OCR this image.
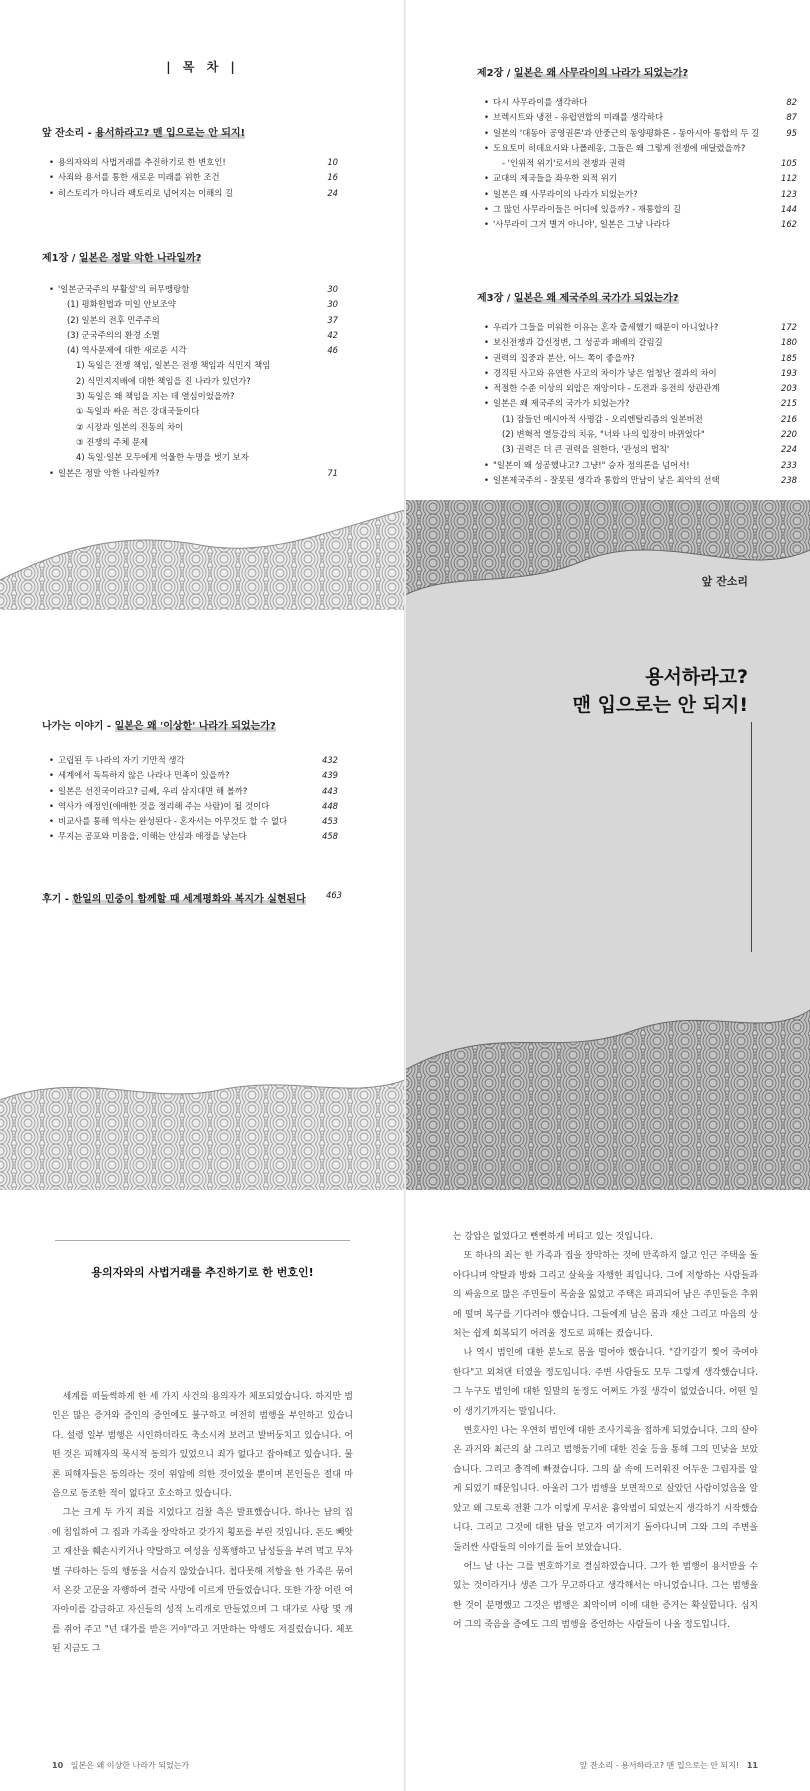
| 목 차 |
앞 잔소리 - 용서하라고? 맨 입으로는 안 되지!
• 용의자와의 사법거래를 추진하기로 한 변호인!	10
• 사죄와 용서를 통한 새로운 미래를 위한 조건	16
• 히스토리가 아니라 팩토리로 넘어지는 이해의 길	24
제1장 / 일본은 정말 악한 나라일까?
• '일본군국주의 부활설'의 허무맹랑함	30
(1) 평화헌법과 미일 안보조약	30
(2) 일본의 전후 민주주의	37
(3) 군국주의의 환경 소멸	42
(4) 역사문제에 대한 새로운 시각	46
1) 독일은 전쟁 책임, 일본은 전쟁 책임과 식민지 책임
2) 식민지지배에 대한 책임을 진 나라가 있던가?
3) 독일은 왜 책임을 지는 데 열심이었을까?
① 독일과 싸운 적은 강대국들이다
② 시장과 일본의 진동의 차이
③ 진쟁의 주체 문제
4) 독일·일본 모두에게 억울한 누명을 벗기 보자
• 일본은 정말 악한 나라일까?	71
제2장 / 일본은 왜 사무라이의 나라가 되었는가?
• 다시 사무라이를 생각하다	82
• 브렉시트와 냉전 - 유럽연합의 미래를 생각하다	87
• 일본의 '대동아 공영권론'과 안중근의 동양평화론 - 동아시아 통합의 두 길	95
• 도요토미 히데요시와 나폴레옹, 그들은 왜 그렇게 전쟁에 매달렸을까?
- '인위적 위기'로서의 전쟁과 권력	105
• 교대의 제국들을 좌우한 외적 위기	112
• 일본은 왜 사무라이의 나라가 되었는가?	123
• 그 많던 사무라이들은 어디에 있을까? - 재통합의 길	144
• '사무라이 그거 별거 아니야', 일본은 그냥 나라다	162
제3장 / 일본은 왜 제국주의 국가가 되었는가?
• 우리가 그들을 미워한 이유는 혼자 출세했기 때문이 아니었나?	172
• 보신전쟁과 갑신정변, 그 성공과 패배의 갈림길	180
• 권력의 집중과 분산, 어느 쪽이 좋을까?	185
• 경직된 사고와 유연한 사고의 차이가 낳은 엄청난 결과의 차이	193
• 적절한 수준 이상의 외압은 재앙이다 - 도전과 응전의 상관관계	203
• 일본은 왜 제국주의 국가가 되었는가?	215
(1) 잠들던 메시아적 사명감 - 오리엔탈리즘의 일본버전	216
(2) 변혁적 열등감의 치유, "너와 나의 입장이 바뀌었다"	220
(3) 권력은 더 큰 권력을 원한다, '관성의 법칙'	224
• "일본이 왜 성공했냐고? 그냥!" 승자 정의론을 넘어서!	233
• 일본제국주의 - 잘못된 생각과 통합의 만남이 낳은 최악의 선택	238
나가는 이야기 - 일본은 왜 '이상한' 나라가 되었는가?
• 고립된 두 나라의 자기 기만적 생각	432
• 세계에서 독특하지 않은 나라나 민족이 있을까?	439
• 일본은 선진국이라고? 글쎄, 우리 삼지대면 해 볼까?	443
• 역사가 애정인(애매한 것을 정리해 주는 사람)이 될 것이다	448
• 비교사를 통해 역사는 완성된다 - 혼자서는 아무것도 할 수 없다	453
• 무지는 공포와 미움을, 이해는 안심과 애정을 낳는다	458
후기 - 한일의 민중이 함께할 때 세계평화와 복지가 실현된다 463
앞 잔소리
용서하라고?
맨 입으로는 안 되지!
용의자와의 사법거래를 추진하기로 한 번호인!

세계를 떠들썩하게 한 세 가지 사건의 용의자가 체포되었습니다. 하지만 범인은 많은 증거와 증인의 증언에도 불구하고 여전히 범행을 부인하고 있습니다. 설령 일부 범행은 시인하더라도 축소시켜 보려고 발버둥치고 있습니다. 어떤 것은 피해자의 묵시적 동의가 있었으니 죄가 없다고 잡아떼고 있습니다. 물론 피해자들은 동의라는 것이 위압에 의한 것이었을 뿐이며 본인들은 절대 마음으로 동조한 적이 없다고 호소하고 있습니다.

그는 크게 두 가지 죄를 지었다고 검찰 측은 발표했습니다. 하나는 남의 집에 침입하여 그 집과 가족을 장악하고 갖가지 횡포를 부린 것입니다. 돈도 빼앗고 재산을 훼손시키거나 약탈하고 여성을 성폭행하고 남성들을 부려 먹고 무차별 구타하는 등의 행동을 서슴지 않았습니다. 첩다못해 저항을 한 가족은 묶어서 온갖 고문을 자행하여 결국 사망에 이르게 만들었습니다. 또한 가장 어린 여자아이를 감금하고 자신들의 성적 노리개로 만들었으며 그 대가로 사탕 몇 개를 쥐어 주고 "넌 대가를 받은 거야"라고 거만하는 악행도 저질렀습니다. 체포된 지금도 그

10 일본은 왜 이상한 나라가 되었는가

는 강압은 없었다고 뻔뻔하게 버티고 있는 것입니다.

또 하나의 죄는 한 가족과 집을 장악하는 것에 만족하지 않고 인근 주택을 돌아다니며 약탈과 방화 그리고 살육을 자행한 죄입니다. 그에 저항하는 사람들과의 싸움으로 많은 주민들이 목숨을 잃었고 주택은 파괴되어 남은 주민들은 추위에 떨며 복구를 기다려야 했습니다. 그들에게 남은 몸과 재산 그리고 마음의 상처는 쉽게 회복되기 어려울 정도로 피해는 컸습니다.

나 역시 범인에 대한 분노로 몸을 떨어야 했습니다. "갈기갈기 찢어 죽여야 한다"고 외쳐댄 터였을 정도입니다. 주변 사람들도 모두 그렇게 생각했습니다. 그 누구도 범인에 대한 일말의 동정도 어쩌도 가질 생각이 없었습니다. 어떤 일이 생기기까지는 말입니다.

변호사인 나는 우연히 범인에 대한 조사기록을 접하게 되었습니다. 그의 살아온 과거와 최근의 삶 그리고 범행동기에 대한 진술 등을 통해 그의 민낯을 보았습니다. 그리고 충격에 빠졌습니다. 그의 삶 속에 드러워진 어두운 그림자를 알게 되었기 때문입니다. 아울러 그가 범행을 보면적으로 살았던 사람이었음을 알았고 왜 그토록 전환 그가 이렇게 무서운 흉악범이 되었는지 생각하기 시작했습니다. 그리고 그것에 대한 답을 얻고자 여기저기 돌아다니며 그와 그의 주변을 둘러싼 사람들의 이야기를 들어 보았습니다.

어느 날 나는 그를 변호하기로 결심하였습니다. 그가 한 범행이 용서받을 수 있는 것이라거나 생존 그가 무고하다고 생각해서는 아니었습니다. 그는 범행을 한 것이 분명했고 그것은 범행은 최악이며 이에 대한 증거는 확실합니다. 심지어 그의 죽음을 증에도 그의 범행을 증언하는 사람들이 나올 정도입니다.

앞 잔소리 - 용서하라고? 맨 입으로는 안 되지! 11
